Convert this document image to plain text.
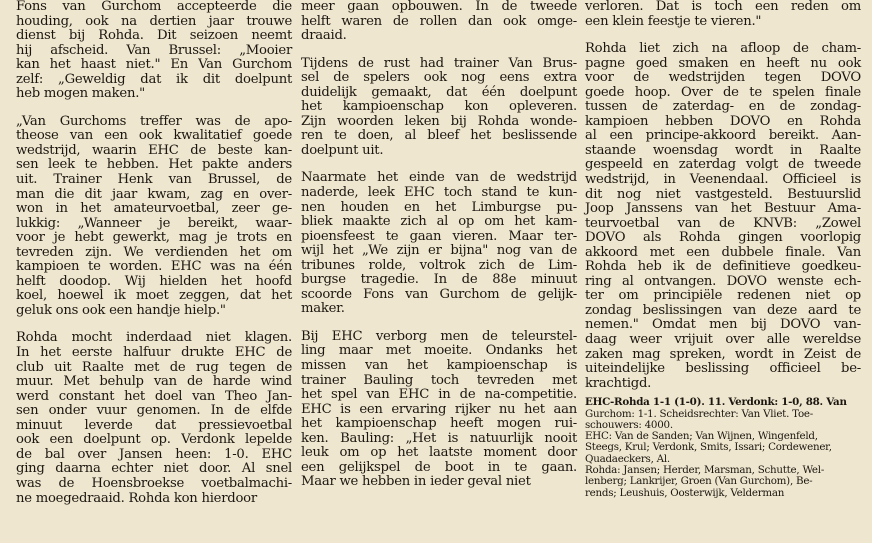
Fons van Gurchom accepteerde die
houding, ook na dertien jaar trouwe
dienst bij Rohda. Dit seizoen neemt
hij afscheid. Van Brussel: „Mooier
kan het haast niet." En Van Gurchom
zelf: „Geweldig dat ik dit doelpunt
heb mogen maken."
„Van Gurchoms treffer was de apo-
theose van een ook kwalitatief goede
wedstrijd, waarin EHC de beste kan-
sen leek te hebben. Het pakte anders
uit. Trainer Henk van Brussel, de
man die dit jaar kwam, zag en over-
won in het amateurvoetbal, zeer ge-
lukkig: „Wanneer je bereikt, waar-
voor je hebt gewerkt, mag je trots en
tevreden zijn. We verdienden het om
kampioen te worden. EHC was na één
helft doodop. Wij hielden het hoofd
koel, hoewel ik moet zeggen, dat het
geluk ons ook een handje hielp."
Rohda mocht inderdaad niet klagen.
In het eerste halfuur drukte EHC de
club uit Raalte met de rug tegen de
muur. Met behulp van de harde wind
werd constant het doel van Theo Jan-
sen onder vuur genomen. In de elfde
minuut leverde dat pressievoetbal
ook een doelpunt op. Verdonk lepelde
de bal over Jansen heen: 1-0. EHC
ging daarna echter niet door. Al snel
was de Hoensbroekse voetbalmachi-
ne moegedraaid. Rohda kon hierdoor
meer gaan opbouwen. In de tweede
helft waren de rollen dan ook omge-
draaid.
Tijdens de rust had trainer Van Brus-
sel de spelers ook nog eens extra
duidelijk gemaakt, dat één doelpunt
het kampioenschap kon opleveren.
Zijn woorden leken bij Rohda wonde-
ren te doen, al bleef het beslissende
doelpunt uit.
Naarmate het einde van de wedstrijd
naderde, leek EHC toch stand te kun-
nen houden en het Limburgse pu-
bliek maakte zich al op om het kam-
pioensfeest te gaan vieren. Maar ter-
wijl het „We zijn er bijna" nog van de
tribunes rolde, voltrok zich de Lim-
burgse tragedie. In de 88e minuut
scoorde Fons van Gurchom de gelijk-
maker.
Bij EHC verborg men de teleurstel-
ling maar met moeite. Ondanks het
missen van het kampioenschap is
trainer Bauling toch tevreden met
het spel van EHC in de na-competitie.
EHC is een ervaring rijker nu het aan
het kampioenschap heeft mogen rui-
ken. Bauling: „Het is natuurlijk nooit
leuk om op het laatste moment door
een gelijkspel de boot in te gaan.
Maar we hebben in ieder geval niet
verloren. Dat is toch een reden om
een klein feestje te vieren."
Rohda liet zich na afloop de cham-
pagne goed smaken en heeft nu ook
voor de wedstrijden tegen DOVO
goede hoop. Over de te spelen finale
tussen de zaterdag- en de zondag-
kampioen hebben DOVO en Rohda
al een principe-akkoord bereikt. Aan-
staande woensdag wordt in Raalte
gespeeld en zaterdag volgt de tweede
wedstrijd, in Veenendaal. Officieel is
dit nog niet vastgesteld. Bestuurslid
Joop Janssens van het Bestuur Ama-
teurvoetbal van de KNVB: „Zowel
DOVO als Rohda gingen voorlopig
akkoord met een dubbele finale. Van
Rohda heb ik de definitieve goedkeu-
ring al ontvangen. DOVO wenste ech-
ter om principiële redenen niet op
zondag beslissingen van deze aard te
nemen." Omdat men bij DOVO van-
daag weer vrijuit over alle wereldse
zaken mag spreken, wordt in Zeist de
uiteindelijke beslissing officieel be-
krachtigd.
EHC-Rohda 1-1 (1-0). 11. Verdonk: 1-0, 88. Van
Gurchom: 1-1. Scheidsrechter: Van Vliet. Toe-
schouwers: 4000.
EHC: Van de Sanden; Van Wijnen, Wingenfeld,
Steegs, Krul; Verdonk, Smits, Issari; Cordewener,
Quadaeckers, Al.
Rohda: Jansen; Herder, Marsman, Schutte, Wel-
lenberg; Lankrijer, Groen (Van Gurchom), Be-
rends; Leushuis, Oosterwijk, Velderman
